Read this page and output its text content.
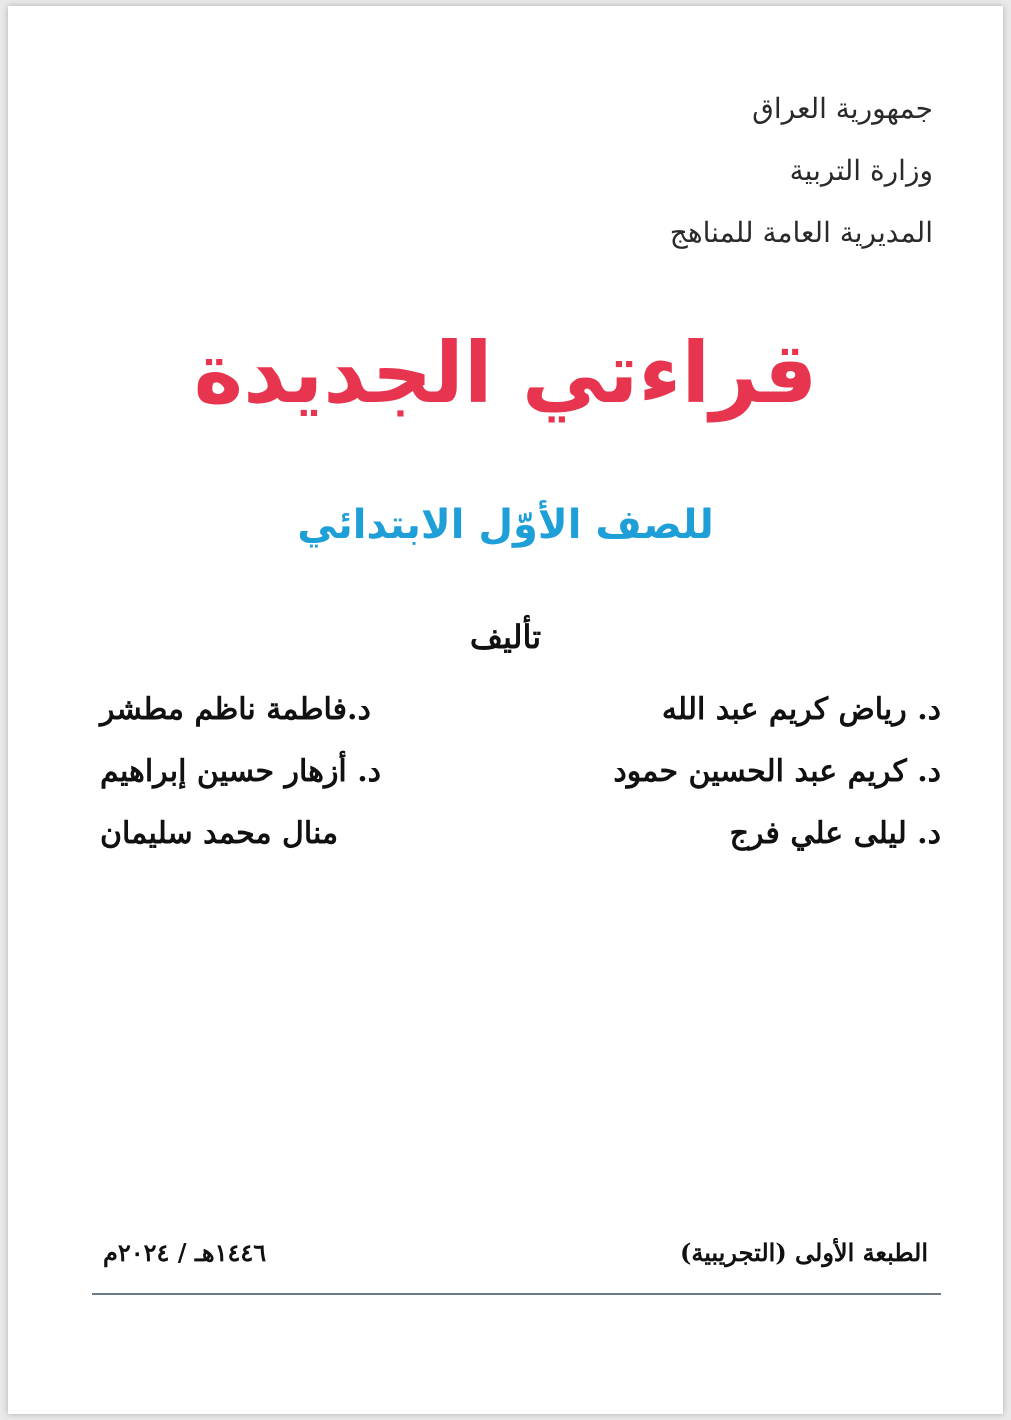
جمهورية العراق
وزارة التربية
المديرية العامة للمناهج
قراءتي الجديدة
للصف الأوّل الابتدائي
تأليف
د. رياض كريم عبد الله
د.فاطمة ناظم مطشر
د. كريم عبد الحسين حمود
د. أزهار حسين إبراهيم
د. ليلى علي فرج
منال محمد سليمان
الطبعة الأولى (التجريبية)
١٤٤٦هـ / ٢٠٢٤م
